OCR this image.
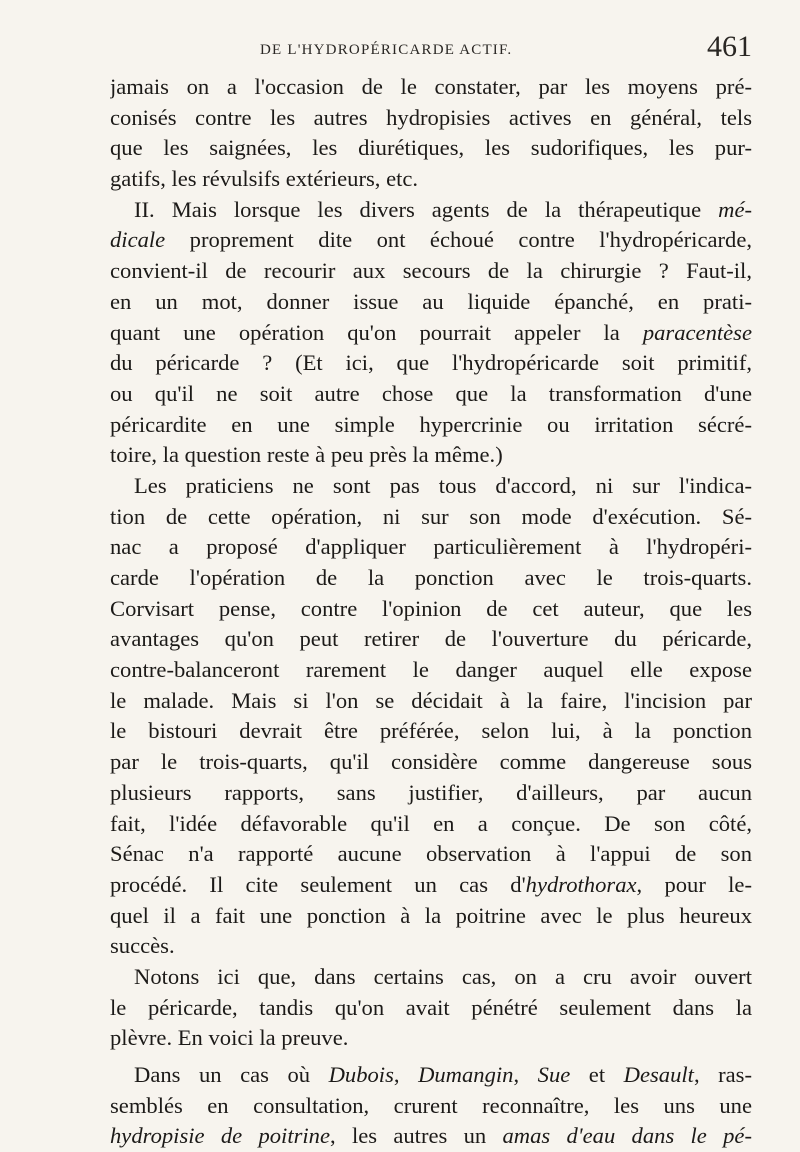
DE L'HYDROPÉRICARDE ACTIF.	461
jamais on a l'occasion de le constater, par les moyens pré-
conisés contre les autres hydropisies actives en général, tels
que les saignées, les diurétiques, les sudorifiques, les pur-
gatifs, les révulsifs extérieurs, etc.
II. Mais lorsque les divers agents de la thérapeutique mé-
dicale proprement dite ont échoué contre l'hydropéricarde,
convient-il de recourir aux secours de la chirurgie ? Faut-il,
en un mot, donner issue au liquide épanché, en prati-
quant une opération qu'on pourrait appeler la paracentèse
du péricarde ? (Et ici, que l'hydropéricarde soit primitif,
ou qu'il ne soit autre chose que la transformation d'une
péricardite en une simple hypercrinie ou irritation sécré-
toire, la question reste à peu près la même.)
Les praticiens ne sont pas tous d'accord, ni sur l'indica-
tion de cette opération, ni sur son mode d'exécution. Sé-
nac a proposé d'appliquer particulièrement à l'hydropéri-
carde l'opération de la ponction avec le trois-quarts.
Corvisart pense, contre l'opinion de cet auteur, que les
avantages qu'on peut retirer de l'ouverture du péricarde,
contre-balanceront rarement le danger auquel elle expose
le malade. Mais si l'on se décidait à la faire, l'incision par
le bistouri devrait être préférée, selon lui, à la ponction
par le trois-quarts, qu'il considère comme dangereuse sous
plusieurs rapports, sans justifier, d'ailleurs, par aucun
fait, l'idée défavorable qu'il en a conçue. De son côté,
Sénac n'a rapporté aucune observation à l'appui de son
procédé. Il cite seulement un cas d'hydrothorax, pour le-
quel il a fait une ponction à la poitrine avec le plus heureux
succès.
Notons ici que, dans certains cas, on a cru avoir ouvert
le péricarde, tandis qu'on avait pénétré seulement dans la
plèvre. En voici la preuve.
Dans un cas où Dubois, Dumangin, Sue et Desault, ras-
semblés en consultation, crurent reconnaître, les uns une
hydropisie de poitrine, les autres un amas d'eau dans le pé-
